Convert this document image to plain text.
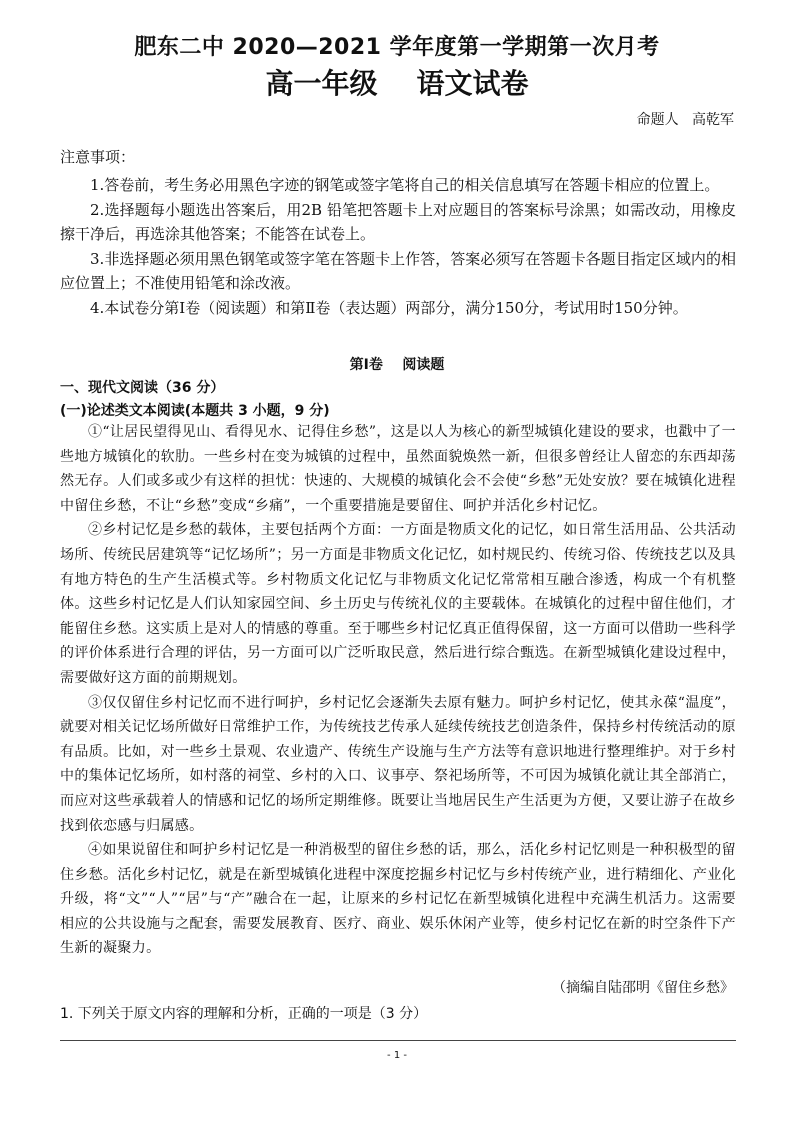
肥东二中 2020—2021 学年度第一学期第一次月考
高一年级    语文试卷
命题人   高乾军
注意事项：

1.答卷前，考生务必用黑色字迹的钢笔或签字笔将自己的相关信息填写在答题卡相应的位置上。

2.选择题每小题选出答案后，用2B 铅笔把答题卡上对应题目的答案标号涂黑；如需改动，用橡皮擦干净后，再选涂其他答案；不能答在试卷上。

3.非选择题必须用黑色钢笔或签字笔在答题卡上作答，答案必须写在答题卡各题目指定区域内的相应位置上；不准使用铅笔和涂改液。

4.本试卷分第Ⅰ卷（阅读题）和第Ⅱ卷（表达题）两部分，满分150分，考试用时150分钟。

第Ⅰ卷    阅读题
一、现代文阅读（36 分）
(一)论述类文本阅读(本题共 3 小题，9 分)

①“让居民望得见山、看得见水、记得住乡愁”，这是以人为核心的新型城镇化建设的要求，也戳中了一些地方城镇化的软肋。一些乡村在变为城镇的过程中，虽然面貌焕然一新，但很多曾经让人留恋的东西却荡然无存。人们或多或少有这样的担忧：快速的、大规模的城镇化会不会使“乡愁”无处安放？要在城镇化进程中留住乡愁，不让“乡愁”变成“乡痛”，一个重要措施是要留住、呵护并活化乡村记忆。

②乡村记忆是乡愁的载体，主要包括两个方面：一方面是物质文化的记忆，如日常生活用品、公共活动场所、传统民居建筑等“记忆场所”；另一方面是非物质文化记忆，如村规民约、传统习俗、传统技艺以及具有地方特色的生产生活模式等。乡村物质文化记忆与非物质文化记忆常常相互融合渗透，构成一个有机整体。这些乡村记忆是人们认知家园空间、乡土历史与传统礼仪的主要载体。在城镇化的过程中留住他们，才能留住乡愁。这实质上是对人的情感的尊重。至于哪些乡村记忆真正值得保留，这一方面可以借助一些科学的评价体系进行合理的评估，另一方面可以广泛听取民意，然后进行综合甄选。在新型城镇化建设过程中，需要做好这方面的前期规划。

③仅仅留住乡村记忆而不进行呵护，乡村记忆会逐渐失去原有魅力。呵护乡村记忆，使其永葆“温度”，就要对相关记忆场所做好日常维护工作，为传统技艺传承人延续传统技艺创造条件，保持乡村传统活动的原有品质。比如，对一些乡土景观、农业遗产、传统生产设施与生产方法等有意识地进行整理维护。对于乡村中的集体记忆场所，如村落的祠堂、乡村的入口、议事亭、祭祀场所等，不可因为城镇化就让其全部消亡，而应对这些承载着人的情感和记忆的场所定期维修。既要让当地居民生产生活更为方便，又要让游子在故乡找到依恋感与归属感。

④如果说留住和呵护乡村记忆是一种消极型的留住乡愁的话，那么，活化乡村记忆则是一种积极型的留住乡愁。活化乡村记忆，就是在新型城镇化进程中深度挖掘乡村记忆与乡村传统产业，进行精细化、产业化升级，将“文”“人”“居”与“产”融合在一起，让原来的乡村记忆在新型城镇化进程中充满生机活力。这需要相应的公共设施与之配套，需要发展教育、医疗、商业、娱乐休闲产业等，使乡村记忆在新的时空条件下产生新的凝聚力。

（摘编自陆邵明《留住乡愁》
1. 下列关于原文内容的理解和分析，正确的一项是（3 分）
- 1 -
